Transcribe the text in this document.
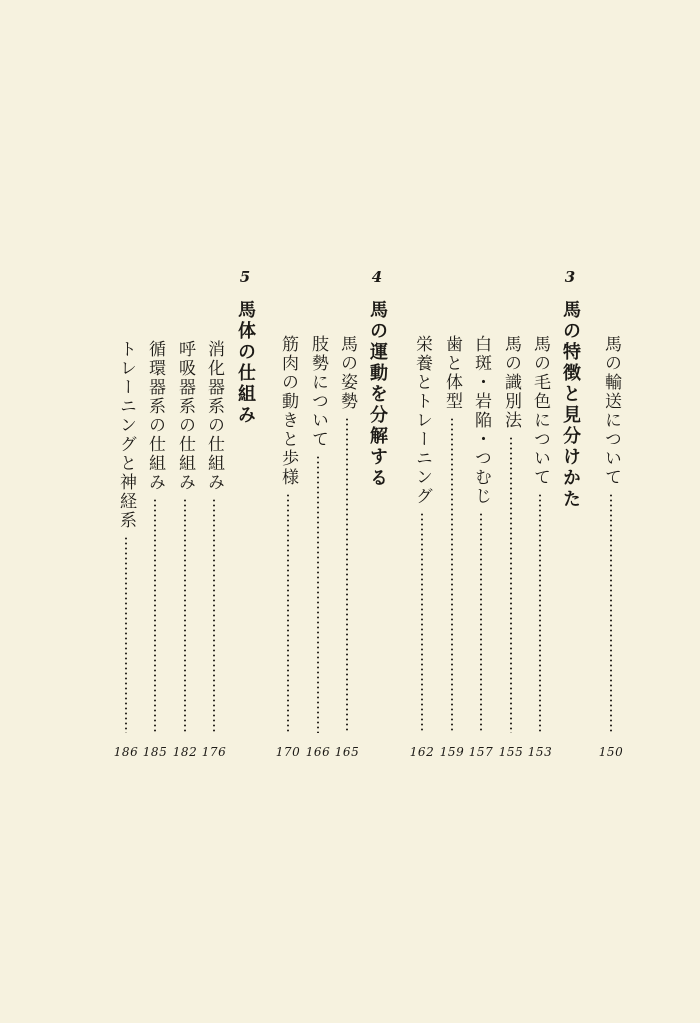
馬の輸送について
150
3
馬の特徴と見分けかた
馬の毛色について
153
馬の識別法
155
白斑・岩陥・つむじ
157
歯と体型
159
栄養とトレーニング
162
4
馬の運動を分解する
馬の姿勢
165
肢勢について
166
筋肉の動きと歩様
170
5
馬体の仕組み
消化器系の仕組み
176
呼吸器系の仕組み
182
循環器系の仕組み
185
トレーニングと神経系
186
